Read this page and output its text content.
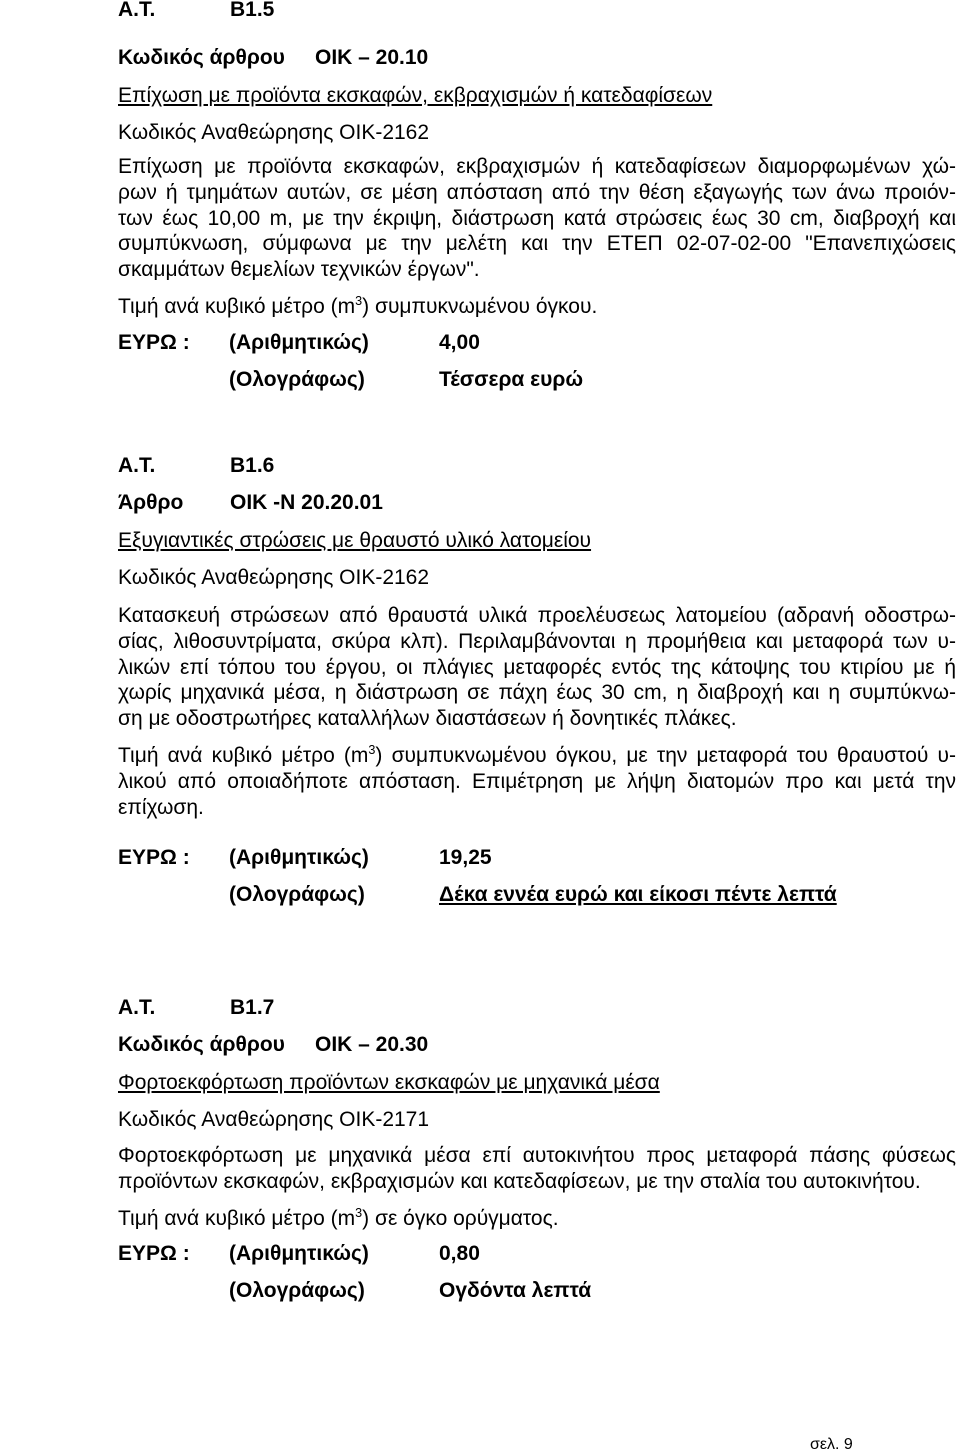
Α.Τ.	Β1.5
Κωδικός άρθρου ΟΙΚ – 20.10
Επίχωση με προϊόντα εκσκαφών, εκβραχισμών ή κατεδαφίσεων
Κωδικός Αναθεώρησης ΟΙΚ-2162
Επίχωση με προϊόντα εκσκαφών, εκβραχισμών ή κατεδαφίσεων διαμορφωμένων χώ-
ρων ή τμημάτων αυτών, σε μέση απόσταση από την θέση εξαγωγής των άνω προιόν-
των έως 10,00 m, με την έκριψη, διάστρωση κατά στρώσεις έως 30 cm, διαβροχή και
συμπύκνωση, σύμφωνα με την μελέτη και την ΕΤΕΠ 02-07-02-00 "Επανεπιχώσεις
σκαμμάτων θεμελίων τεχνικών έργων".
Τιμή ανά κυβικό μέτρο $(m^3)$ συμπυκνωμένου όγκου.
ΕΥΡΩ : (Αριθμητικώς)	4,00
(Ολογράφως)	Τέσσερα ευρώ
Α.Τ.	Β1.6
Άρθρο ΟΙΚ -Ν 20.20.01
Εξυγιαντικές στρώσεις με θραυστό υλικό λατομείου
Κωδικός Αναθεώρησης ΟΙΚ-2162
Κατασκευή στρώσεων από θραυστά υλικά προελέυσεως λατομείου (αδρανή οδοστρω-
σίας, λιθοσυντρίματα, σκύρα κλπ). Περιλαμβάνονται η προμήθεια και μεταφορά των υ-
λικών επί τόπου του έργου, οι πλάγιες μεταφορές εντός της κάτοψης του κτιρίου με ή
χωρίς μηχανικά μέσα, η διάστρωση σε πάχη έως 30 cm, η διαβροχή και η συμπύκνω-
ση με οδοστρωτήρες καταλλήλων διαστάσεων ή δονητικές πλάκες.
Τιμή ανά κυβικό μέτρο $(m^3)$ συμπυκνωμένου όγκου, με την μεταφορά του θραυστού υ-
λικού από οποιαδήποτε απόσταση. Επιμέτρηση με λήψη διατομών προ και μετά την
επίχωση.
ΕΥΡΩ : (Αριθμητικώς)	19,25
(Ολογράφως)	Δέκα εννέα ευρώ και είκοσι πέντε λεπτά
Α.Τ.	Β1.7
Κωδικός άρθρου ΟΙΚ – 20.30
Φορτοεκφόρτωση προϊόντων εκσκαφών με μηχανικά μέσα
Κωδικός Αναθεώρησης ΟΙΚ-2171
Φορτοεκφόρτωση με μηχανικά μέσα επί αυτοκινήτου προς μεταφορά πάσης φύσεως
προϊόντων εκσκαφών, εκβραχισμών και κατεδαφίσεων, με την σταλία του αυτοκινήτου.
Τιμή ανά κυβικό μέτρο $(m^3)$ σε όγκο ορύγματος.
ΕΥΡΩ : (Αριθμητικώς)	0,80
(Ολογράφως)	Ογδόντα λεπτά
σελ. 9
